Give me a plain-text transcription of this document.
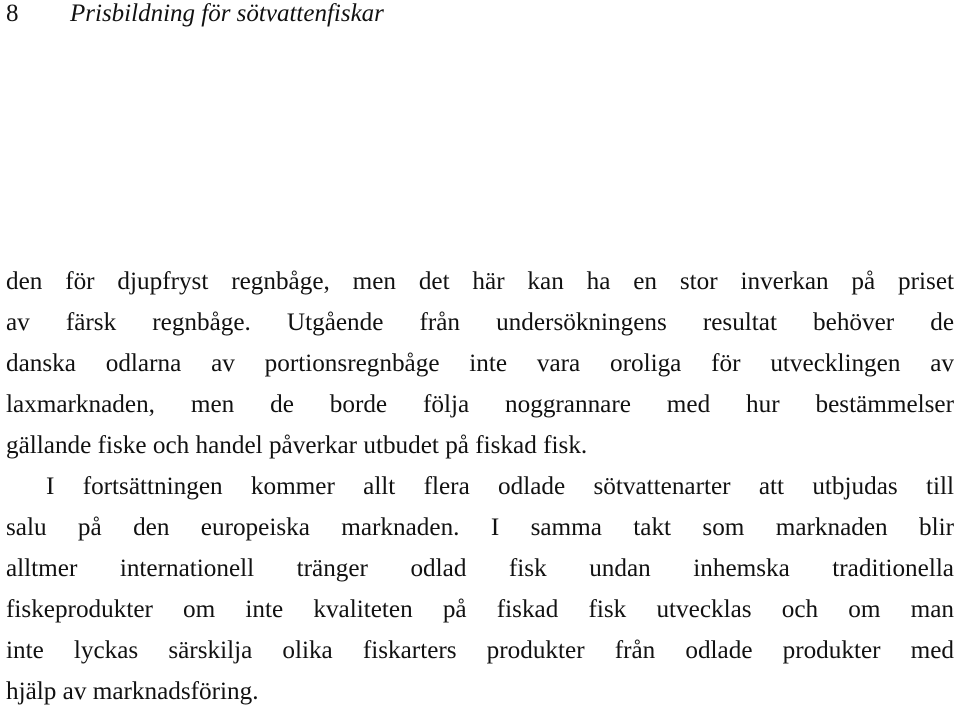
8 Prisbildning för sötvattenfiskar
den för djupfryst regnbåge, men det här kan ha en stor inverkan på priset
av färsk regnbåge. Utgående från undersökningens resultat behöver de
danska odlarna av portionsregnbåge inte vara oroliga för utvecklingen av
laxmarknaden, men de borde följa noggrannare med hur bestämmelser
gällande fiske och handel påverkar utbudet på fiskad fisk.
I fortsättningen kommer allt flera odlade sötvattenarter att utbjudas till
salu på den europeiska marknaden. I samma takt som marknaden blir
alltmer internationell tränger odlad fisk undan inhemska traditionella
fiskeprodukter om inte kvaliteten på fiskad fisk utvecklas och om man
inte lyckas särskilja olika fiskarters produkter från odlade produkter med
hjälp av marknadsföring.
